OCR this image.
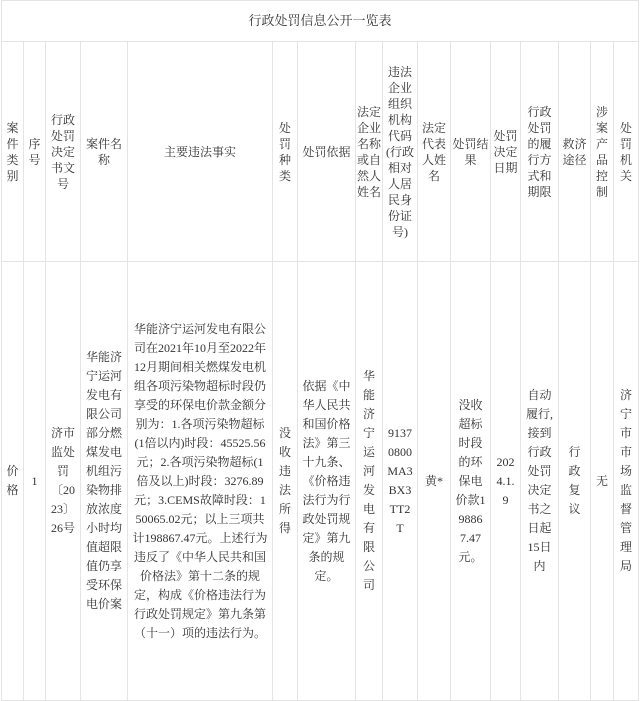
行政处罚信息公开一览表															
案件类别	序号	行政处罚决定书文号	案件名称	主要违法事实	处罚种类	处罚依据	法定企业名称或自然人姓名	违法企业组织机构代码(行政相对人居民身份证号)	法定代表人姓名	处罚结果	处罚决定日期	行政处罚的履行方式和期限	救济途径	涉案产品控制	处罚机关
价格	1	济市监处罚〔2023〕26号	华能济宁运河发电有限公司部分燃煤发电机组污染物排放浓度小时均值超限值仍享受环保电价案	华能济宁运河发电有限公司在2021年10月至2022年12月期间相关燃煤发电机组各项污染物超标时段仍享受的环保电价款金额分别为：1.各项污染物超标(1倍以内)时段：45525.56元；2.各项污染物超标(1倍及以上)时段：3276.89元；3.CEMS故障时段：150065.02元；以上三项共计198867.47元。上述行为违反了《中华人民共和国价格法》第十二条的规定，构成《价格违法行为行政处罚规定》第九条第（十一）项的违法行为。	没收违法所得	依据《中华人民共和国价格法》第三十九条、《价格违法行为行政处罚规定》第九条的规定。	华能济宁运河发电有限公司	91370800MA3BX3TT2T	黄*	没收超标时段的环保电价款198867.47元。	2024.1.9	自动履行,接到行政处罚决定书之日起15日内	行政复议	无	济宁市市场监督管理局
